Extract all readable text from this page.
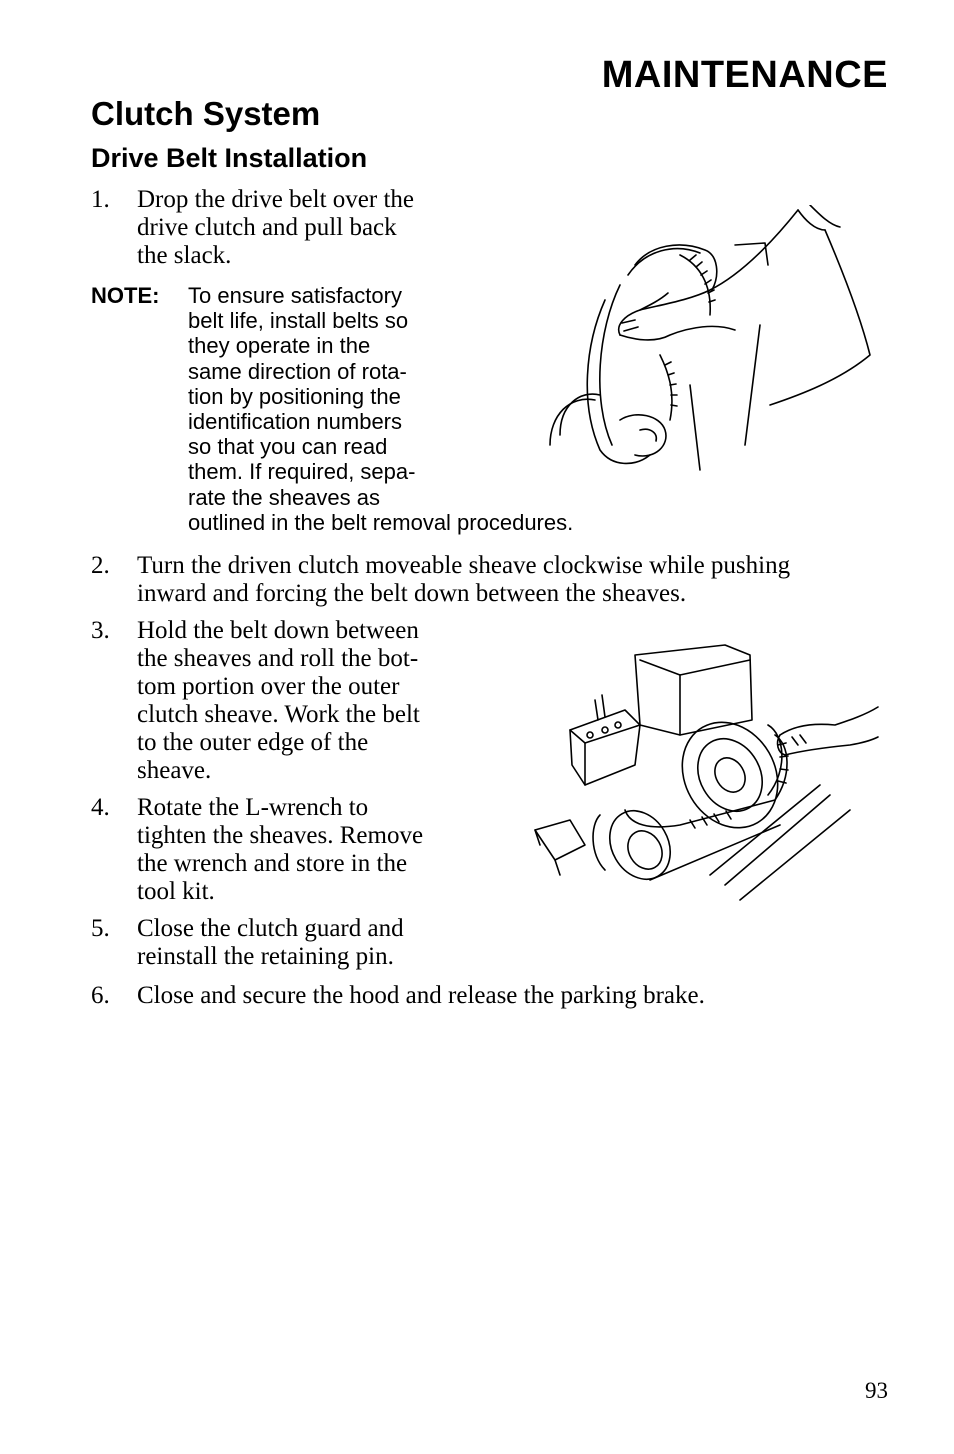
MAINTENANCE
Clutch System
Drive Belt Installation
1. Drop the drive belt over the
drive clutch and pull back
the slack.
NOTE: To ensure satisfactory
belt life, install belts so
they operate in the
same direction of rota-
tion by positioning the
identification numbers
so that you can read
them. If required, sepa-
rate the sheaves as
outlined in the belt removal procedures.
2. Turn the driven clutch moveable sheave clockwise while pushing
inward and forcing the belt down between the sheaves.
3. Hold the belt down between
the sheaves and roll the bot-
tom portion over the outer
clutch sheave. Work the belt
to the outer edge of the
sheave.
4. Rotate the L-wrench to
tighten the sheaves. Remove
the wrench and store in the
tool kit.
5. Close the clutch guard and
reinstall the retaining pin.
6. Close and secure the hood and release the parking brake.
93
